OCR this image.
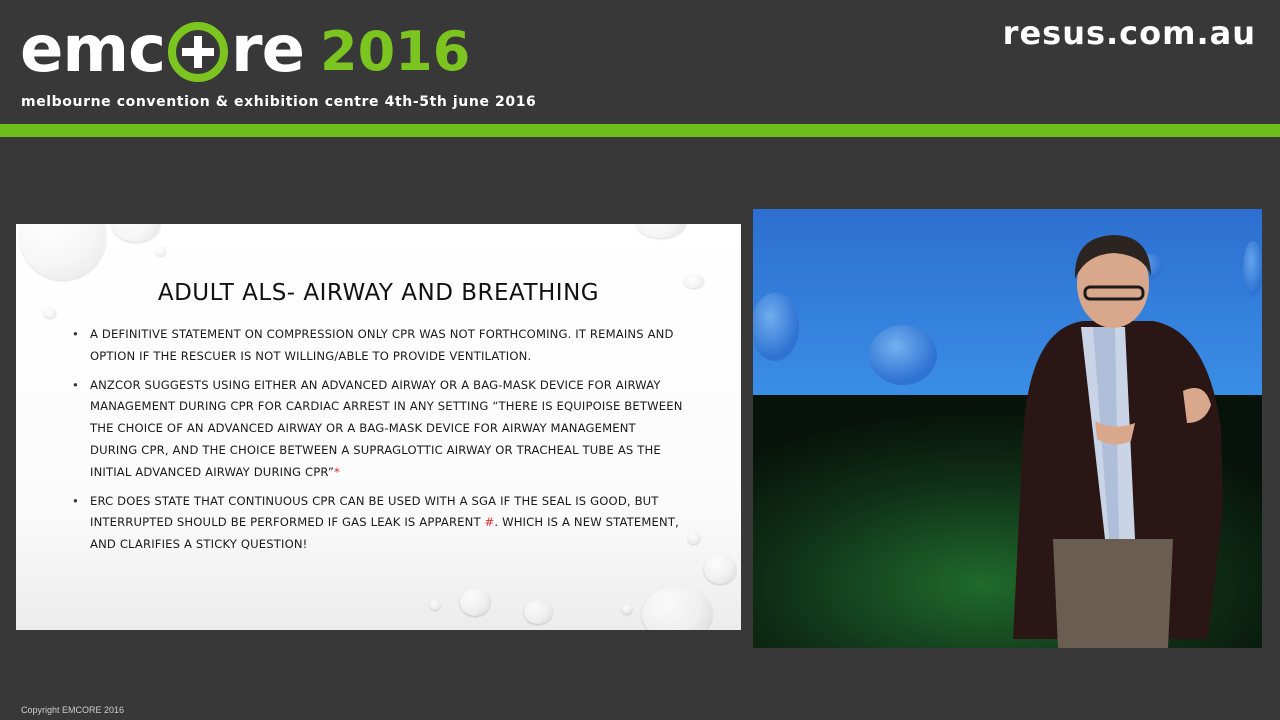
emc re 2016
melbourne convention & exhibition centre 4th-5th june 2016
resus.com.au
ADULT ALS- AIRWAY AND BREATHING
• A DEFINITIVE STATEMENT ON COMPRESSION ONLY CPR WAS NOT FORTHCOMING. IT REMAINS AND OPTION IF THE RESCUER IS NOT WILLING/ABLE TO PROVIDE VENTILATION.
• ANZCOR SUGGESTS USING EITHER AN ADVANCED AIRWAY OR A BAG-MASK DEVICE FOR AIRWAY MANAGEMENT DURING CPR FOR CARDIAC ARREST IN ANY SETTING “THERE IS EQUIPOISE BETWEEN THE CHOICE OF AN ADVANCED AIRWAY OR A BAG-MASK DEVICE FOR AIRWAY MANAGEMENT DURING CPR, AND THE CHOICE BETWEEN A SUPRAGLOTTIC AIRWAY OR TRACHEAL TUBE AS THE INITIAL ADVANCED AIRWAY DURING CPR”*
• ERC DOES STATE THAT CONTINUOUS CPR CAN BE USED WITH A SGA IF THE SEAL IS GOOD, BUT INTERRUPTED SHOULD BE PERFORMED IF GAS LEAK IS APPARENT #. WHICH IS A NEW STATEMENT, AND CLARIFIES A STICKY QUESTION!
Copyright EMCORE 2016
